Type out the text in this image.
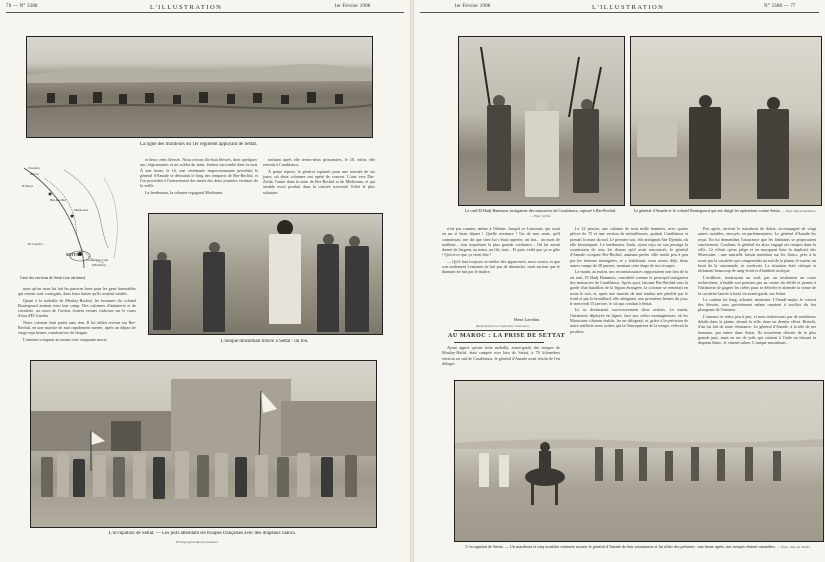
76 — N° 3388	L'ILLUSTRATION	1er Février 1908
La ligne des tirailleurs du 1er régiment appuyant de Settat.
Chaouïa
Maroc
R'Oued
Ber-Rechid
Mediouna
El-Guerba
SETTAT
Camp marocain
(Mehalla)
Carte des environs de Settat (vue aérienne).

nous qu'on nous lui fait les pauvres bons pour les gens honorables qui restent sont consignés, dans leurs huttes qu'ils avaient soudés.

Quant à la mehalla de Moulay-Rachid, les hommes du colonel Boutegourd avaient tenu leur camp. Des colonnes d'infanterie et de cavalerie, au cours de l'action, étaient venues s'adosser sur le cours d'eau d'El-Guerba.

Notre colonne était partie sans rien. Il lui fallait revenir sur Ber-Rechid, en une marche de nuit rapidement menée, après un départ de vingt-sept heures consécutives de fatigue.

L'ennemi comptait au moins cent cinquante morts.

et deux cents blessés. Nous avions dix-huit blessés, dont quelques-uns, légionnaires et un soldat du train, étaient succombé dans la nuit. À une heure, le 16, une cérémonie impressionnante précédait le général d'Amade se déroulait le long des remparts de Ber-Rechid, et l'on procédait à l'enterrement des morts des deux journées victimes de la veille.

Le lendemain, la colonne regagnait Mediouna.

traînant après elle trente-deux prisonniers, le 18, enfin, elle rentrait à Casablanca.

À peine repose, le général repartait pour une tournée de six jours, où deux colonnes ont opéré de concert. L'une vers Dar-Zeïda, l'autre dans la zone de Ber-Rechid et de Mediouna, et qui semble avoir produit dans la contrée traversée l'effet le plus salutaire.

L'unique musulman trouvé à Settat : un fou.
L'occupation de Settat. — Les juifs attendant les troupes françaises avec des drapeaux blancs.
Photographie Raymond Kaso.
1er Février 1908	L'ILLUSTRATION	N° 3388 — 77
Le caïd El Hadj Hammou, instigateur des massacres de Casablanca, capturé à Ber-Rechid. — Phot. Schitz.
Le général d'Amade et le colonel Boutegourd qui ont dirigé les opérations contre Settat. — Phot. Raymond Kaso.

n'est pas comme, même à Orléans. Jusqu'à ce Lemonne, qui avait en un si beau départ ! Quelle aventure ! Un de mes amis, qu'il connaissait, me dit que chez lui c'était superbe, un fou... un mois de malheur... tout inquiétant la plus grande confiance... On lui aurait donné de l'argent, au main, un fils, tout... Et puis, voilà que ça se gâte ! Qu'est-ce que ça vient dire !

— Qu'il faut toujours se méfier des apparences, mon cousin, et que son seulement Lemonne ne fait pas de dimanche, mais surtout que le diamant ne fait pas le maître.

Henri Lavedan.
(Reproduction et traduction réservées.)
AU MAROC : LA PRISE DE SETTAT

Ayant appris qu'une forte mehalla, avant-garde des troupes de Moulay-Hafid, était campée non loin de Settat, à 70 kilomètres environ au sud de Casablanca, le général d'Amade avait résolu de l'en déloger.

Le 12 janvier, une colonne de trois mille hommes, avec quatre pièces de 75 et une section de mitrailleuses, quittait Casablanca et prenait la route du sud. Le premier soir, elle atteignait Aïn-Djemâa, où elle bivouaquait. Le lendemain, Souk, ayant reçu en son passage la soumission de tous les douars qu'il avait rencontrés, le général d'Amade occupait Ber-Rechid, animant perles ville ronde peu à peu par les femmes immigrées, et y établissait, nous avons déjà, deux autres camps de 28 janvier, montant cette étape de nos troupes.

Le matin, au matin, nos reconnaissances rapportaient une lieu de la où seul, El Hadj Hammou, considéré comme le principal instigateur des massacres de Casablanca. Après quoi, laissant Ber-Rechid sous la garde d'un bataillon de la légion étrangère, la colonne se remettait en route le soir, et, après une marche de nuit rendue très pénible par le froid et par le brouillard, elle atteignait, aux premières heures du jour, le mercredi 15 janvier, le col qui conduit à Settat.

Ici se dessinaient successivement deux actions. Le matin, l'infanterie déployée en lignes, face aux crêtes montagneuses, où les Marocains s'étaient établis, les en délogeait, et, grâce à la précision de notre artillerie nous ordres qui la l'entreprirent de la troupe, relevait la position.

Peu après, arrivait le marabout de Settat, accompagné de vingt autres notables, envoyés en parlementaires. Le général d'Amade les reçut. En lui demandant l'assurance que les habitants se proposaient sincèrement. Confiant, le général n'a alors engagé ses troupes dans la ville. Ce n'était qu'un piège et en masquant bien la duplicité des Marocains : une mitraille faisait semblant sur les flancs, près à la route par la cavalerie qui comprendait au sud de la plaine, le matin, au bruit de la canonnade, se soulevait. La situation était critique et réclamait beaucoup de sang-froid et d'habileté tactique.

L'artillerie, foudroyant un seul, par un seulement un court recherchent, n'établit son premier pas au centre du défilé et permit à l'infanterie de gagner les crêtes pour se déferler et attendre la venue de la cavalerie lancée à fond, en avant-garde, sur Settat.

Le combat fut long, acharné, meurtrier. L'Ouadi-major, le convoi des blessés, tous précisément même ornaient à souffrir du feu plongeant de l'ennemi.

L'ennemi se retira peu à peu, et nous intéressons par de nombreux détails dans la plaine, devant la ville, dans un dernier effort. Bientôt, d'un fut fait de toute résistance. Le général d'Amade, à la tête de ses hommes, put entrer dans Settat. Ils trouvèrent déserte de la plus grande part, mais en tas de juifs qui criaient à l'aide un hissant la drapeau blanc, le vinrent saluer. L'unique musulman...

L'occupation de Settat. — Un marabout et cinq notables viennent assurer le général d'Amade de leur soumission et lui offrir des présents : une heure après, nos troupes étaient canardées. — Phot. Jean du Taillis.
